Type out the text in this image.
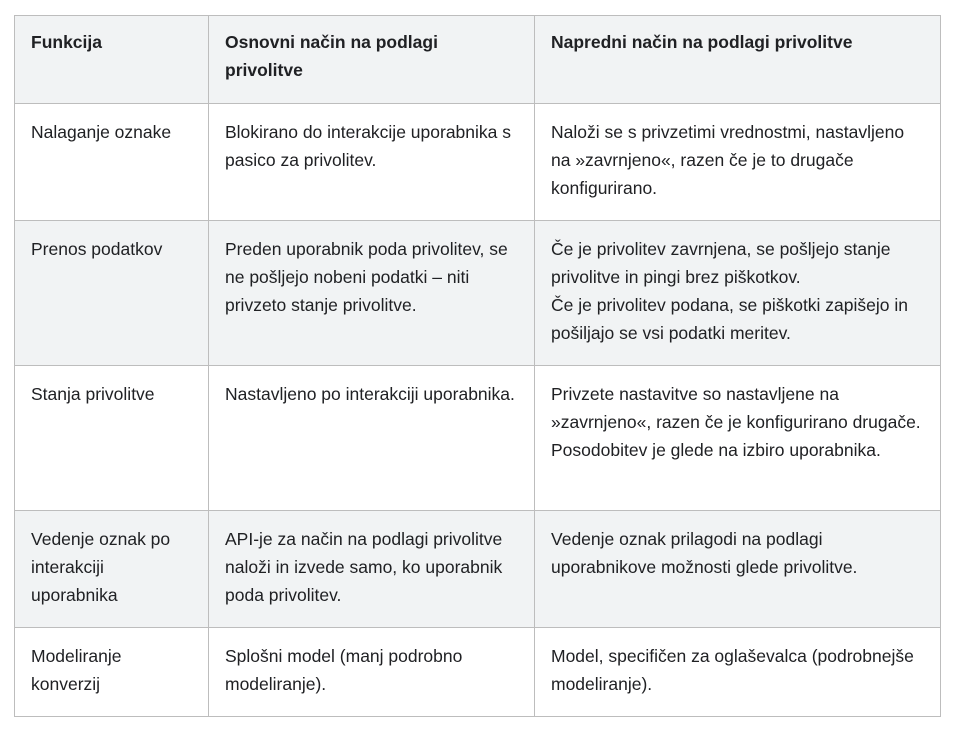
Funkcija	Osnovni način na podlagi privolitve	Napredni način na podlagi privolitve
Nalaganje oznake	Blokirano do interakcije uporabnika s pasico za privolitev.	Naloži se s privzetimi vrednostmi, nastavljeno na »zavrnjeno«, razen če je to drugače konfigurirano.

Prenos podatkov	Preden uporabnik poda privolitev, se ne pošljejo nobeni podatki – niti privzeto stanje privolitve.	Če je privolitev zavrnjena, se pošljejo stanje privolitve in pingi brez piškotkov.
Če je privolitev podana, se piškotki zapišejo in pošiljajo se vsi podatki meritev.

Stanja privolitve	Nastavljeno po interakciji uporabnika.	Privzete nastavitve so nastavljene na »zavrnjeno«, razen če je konfigurirano drugače. Posodobitev je glede na izbiro uporabnika.

Vedenje oznak po interakciji uporabnika	API-je za način na podlagi privolitve naloži in izvede samo, ko uporabnik poda privolitev.	Vedenje oznak prilagodi na podlagi uporabnikove možnosti glede privolitve.

Modeliranje konverzij	Splošni model (manj podrobno modeliranje).	Model, specifičen za oglaševalca (podrobnejše modeliranje).
